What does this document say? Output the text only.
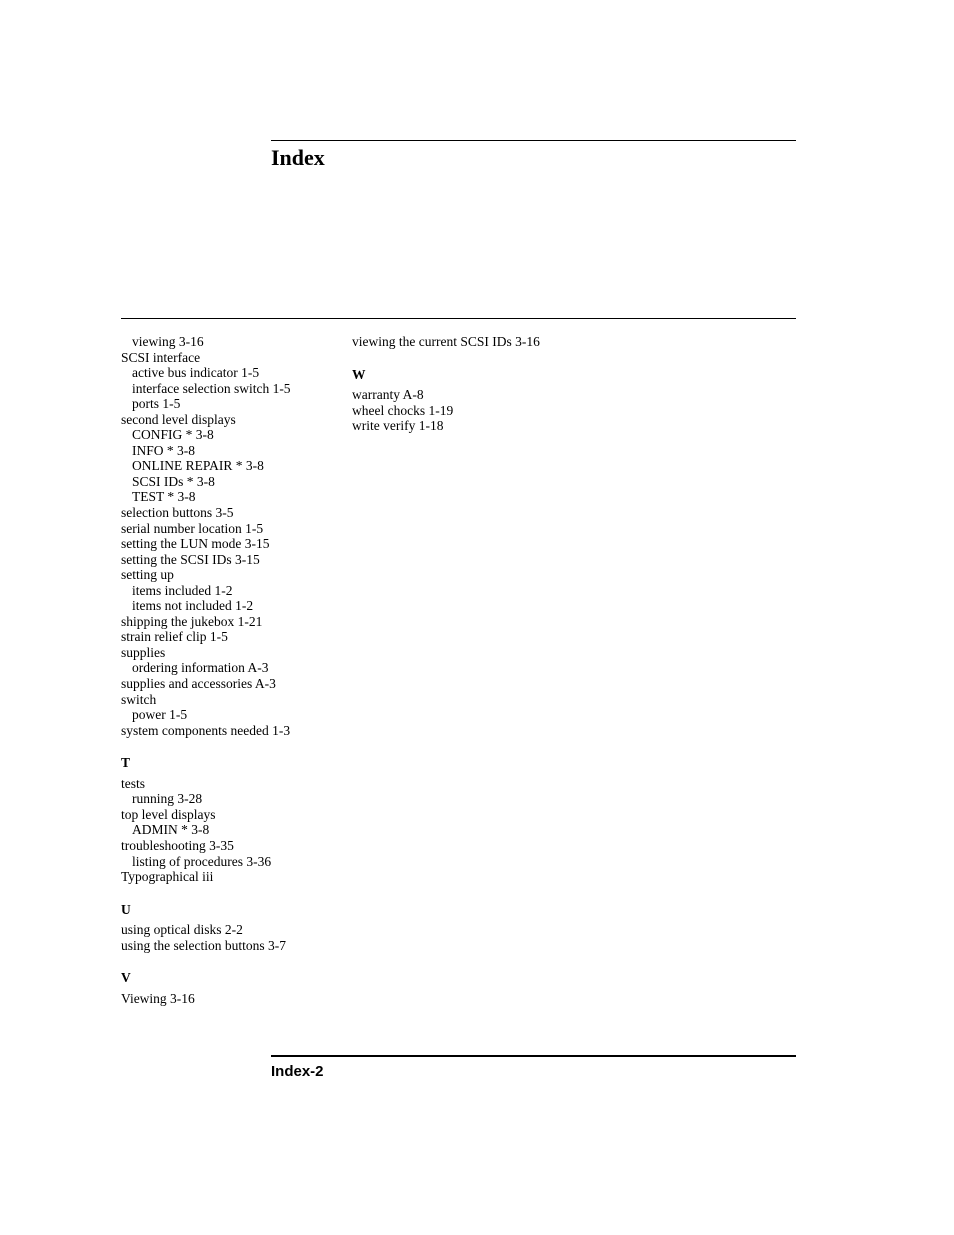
Index
viewing 3-16
SCSI interface
active bus indicator 1-5
interface selection switch 1-5
ports 1-5
second level displays
CONFIG * 3-8
INFO * 3-8
ONLINE REPAIR * 3-8
SCSI IDs * 3-8
TEST * 3-8
selection buttons 3-5
serial number location 1-5
setting the LUN mode 3-15
setting the SCSI IDs 3-15
setting up
items included 1-2
items not included 1-2
shipping the jukebox 1-21
strain relief clip 1-5
supplies
ordering information A-3
supplies and accessories A-3
switch
power 1-5
system components needed 1-3
T
tests
running 3-28
top level displays
ADMIN * 3-8
troubleshooting 3-35
listing of procedures 3-36
Typographical iii
U
using optical disks 2-2
using the selection buttons 3-7
V
Viewing 3-16
viewing the current SCSI IDs 3-16
W
warranty A-8
wheel chocks 1-19
write verify 1-18
Index-2
